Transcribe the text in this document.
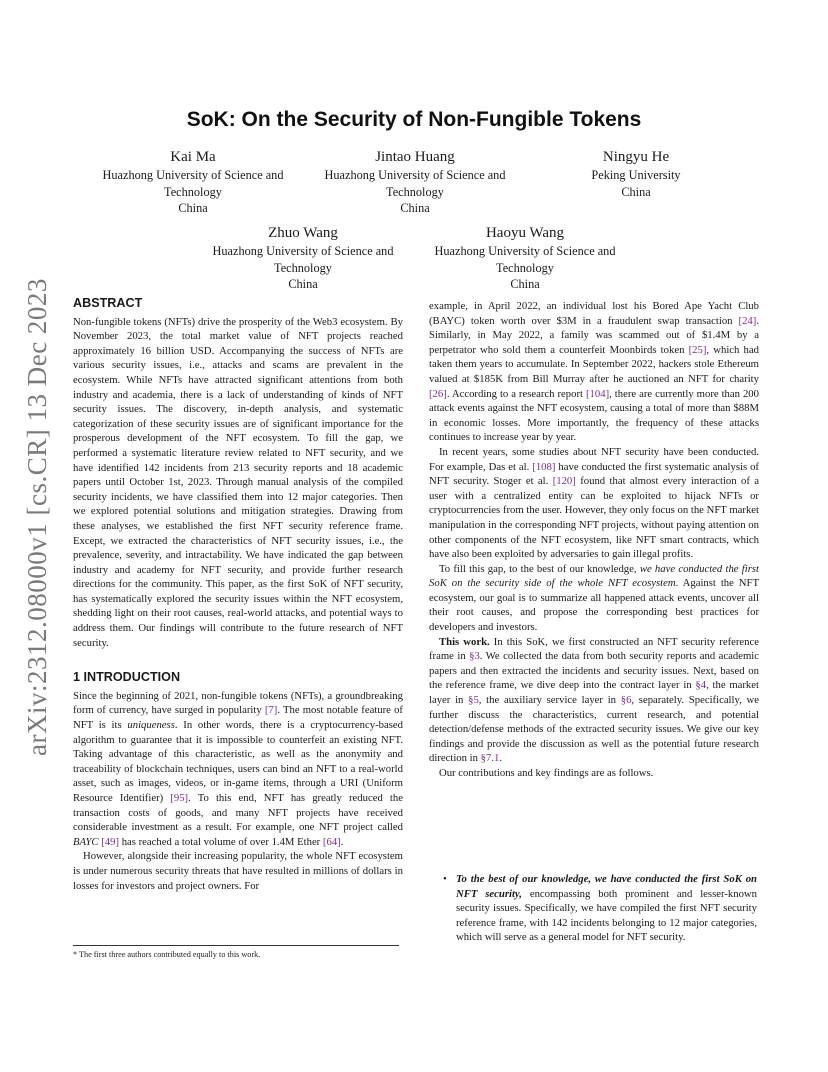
arXiv:2312.08000v1 [cs.CR] 13 Dec 2023
SoK: On the Security of Non-Fungible Tokens
Kai Ma
Huazhong University of Science and Technology
China
Jintao Huang
Huazhong University of Science and Technology
China
Ningyu He
Peking University
China
Zhuo Wang
Huazhong University of Science and Technology
China
Haoyu Wang
Huazhong University of Science and Technology
China
ABSTRACT

Non-fungible tokens (NFTs) drive the prosperity of the Web3 ecosystem. By November 2023, the total market value of NFT projects reached approximately 16 billion USD. Accompanying the success of NFTs are various security issues, i.e., attacks and scams are prevalent in the ecosystem. While NFTs have attracted significant attentions from both industry and academia, there is a lack of understanding of kinds of NFT security issues. The discovery, in-depth analysis, and systematic categorization of these security issues are of significant importance for the prosperous development of the NFT ecosystem. To fill the gap, we performed a systematic literature review related to NFT security, and we have identified 142 incidents from 213 security reports and 18 academic papers until October 1st, 2023. Through manual analysis of the compiled security incidents, we have classified them into 12 major categories. Then we explored potential solutions and mitigation strategies. Drawing from these analyses, we established the first NFT security reference frame. Except, we extracted the characteristics of NFT security issues, i.e., the prevalence, severity, and intractability. We have indicated the gap between industry and academy for NFT security, and provide further research directions for the community. This paper, as the first SoK of NFT security, has systematically explored the security issues within the NFT ecosystem, shedding light on their root causes, real-world attacks, and potential ways to address them. Our findings will contribute to the future research of NFT security.

1 INTRODUCTION

Since the beginning of 2021, non-fungible tokens (NFTs), a groundbreaking form of currency, have surged in popularity [7]. The most notable feature of NFT is its uniqueness. In other words, there is a cryptocurrency-based algorithm to guarantee that it is impossible to counterfeit an existing NFT. Taking advantage of this characteristic, as well as the anonymity and traceability of blockchain techniques, users can bind an NFT to a real-world asset, such as images, videos, or in-game items, through a URI (Uniform Resource Identifier) [95]. To this end, NFT has greatly reduced the transaction costs of goods, and many NFT projects have received considerable investment as a result. For example, one NFT project called BAYC [49] has reached a total volume of over 1.4M Ether [64].

However, alongside their increasing popularity, the whole NFT ecosystem is under numerous security threats that have resulted in millions of dollars in losses for investors and project owners. For

* The first three authors contributed equally to this work.

example, in April 2022, an individual lost his Bored Ape Yacht Club (BAYC) token worth over $3M in a fraudulent swap transaction [24]. Similarly, in May 2022, a family was scammed out of $1.4M by a perpetrator who sold them a counterfeit Moonbirds token [25], which had taken them years to accumulate. In September 2022, hackers stole Ethereum valued at $185K from Bill Murray after he auctioned an NFT for charity [26]. According to a research report [104], there are currently more than 200 attack events against the NFT ecosystem, causing a total of more than $88M in economic losses. More importantly, the frequency of these attacks continues to increase year by year.

In recent years, some studies about NFT security have been conducted. For example, Das et al. [108] have conducted the first systematic analysis of NFT security. Stoger et al. [120] found that almost every interaction of a user with a centralized entity can be exploited to hijack NFTs or cryptocurrencies from the user. However, they only focus on the NFT market manipulation in the corresponding NFT projects, without paying attention on other components of the NFT ecosystem, like NFT smart contracts, which have also been exploited by adversaries to gain illegal profits.

To fill this gap, to the best of our knowledge, we have conducted the first SoK on the security side of the whole NFT ecosystem. Against the NFT ecosystem, our goal is to summarize all happened attack events, uncover all their root causes, and propose the corresponding best practices for developers and investors.

This work. In this SoK, we first constructed an NFT security reference frame in §3. We collected the data from both security reports and academic papers and then extracted the incidents and security issues. Next, based on the reference frame, we dive deep into the contract layer in §4, the market layer in §5, the auxiliary service layer in §6, separately. Specifically, we further discuss the characteristics, current research, and potential detection/defense methods of the extracted security issues. We give our key findings and provide the discussion as well as the potential future research direction in §7.1.

Our contributions and key findings are as follows.

• To the best of our knowledge, we have conducted the first SoK on NFT security, encompassing both prominent and lesser-known security issues. Specifically, we have compiled the first NFT security reference frame, with 142 incidents belonging to 12 major categories, which will serve as a general model for NFT security.
